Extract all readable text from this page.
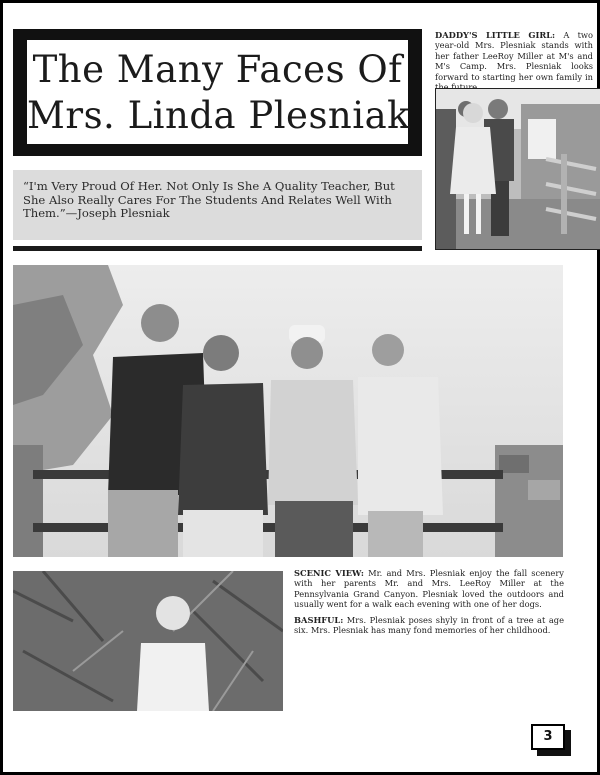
The Many Faces Of
Mrs. Linda Plesniak
“I'm Very Proud Of Her. Not Only Is She A Quality Teacher, But She Also Really Cares For The Students And Relates Well With Them.”—Joseph Plesniak
DADDY'S LITTLE GIRL: A two year-old Mrs. Plesniak stands with her father LeeRoy Miller at M's and M's Camp. Mrs. Plesniak looks forward to starting her own family in
SCENIC VIEW: Mr. and Mrs. Plesniak enjoy the fall scenery with her parents Mr. and Mrs. LeeRoy Miller at the Pennsylvania Grand Canyon. Plesniak loved the outdoors and usually went for a walk each evening with one of her dogs.
BASHFUL: Mrs. Plesniak poses shyly in front of a tree at age six. Mrs. Plesniak has many fond memories of her childhood.
3
